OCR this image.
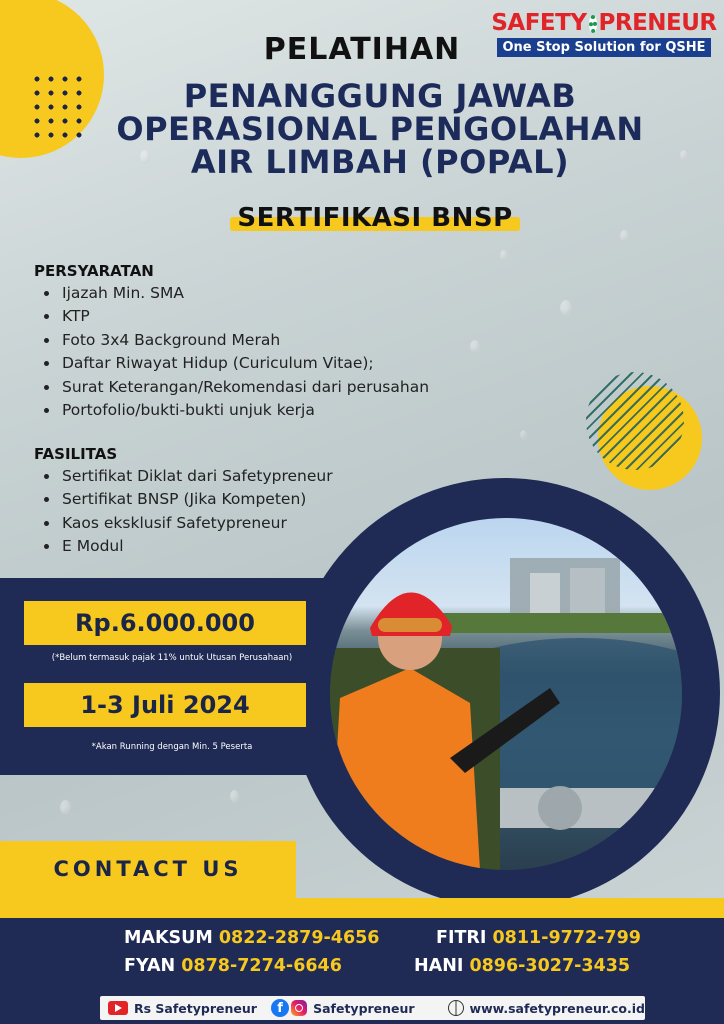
SAFETY PRENEUR
One Stop Solution for QSHE
PELATIHAN
PENANGGUNG JAWAB
OPERASIONAL PENGOLAHAN
AIR LIMBAH (POPAL)
SERTIFIKASI BNSP
PERSYARATAN
• Ijazah Min. SMA
• KTP
• Foto 3x4 Background Merah
• Daftar Riwayat Hidup (Curiculum Vitae);
• Surat Keterangan/Rekomendasi dari perusahan
• Portofolio/bukti-bukti unjuk kerja
FASILITAS
• Sertifikat Diklat dari Safetypreneur
• Sertifikat BNSP (Jika Kompeten)
• Kaos eksklusif Safetypreneur
• E Modul
Rp.6.000.000
(*Belum termasuk pajak 11% untuk Utusan Perusahaan)
1-3 Juli 2024
*Akan Running dengan Min. 5 Peserta
CONTACT US
MAKSUM 0822-2879-4656	FITRI 0811-9772-799
FYAN 0878-7274-6646	HANI 0896-3027-3435
Rs Safetypreneur	f	Safetypreneur	www.safetypreneur.co.id
